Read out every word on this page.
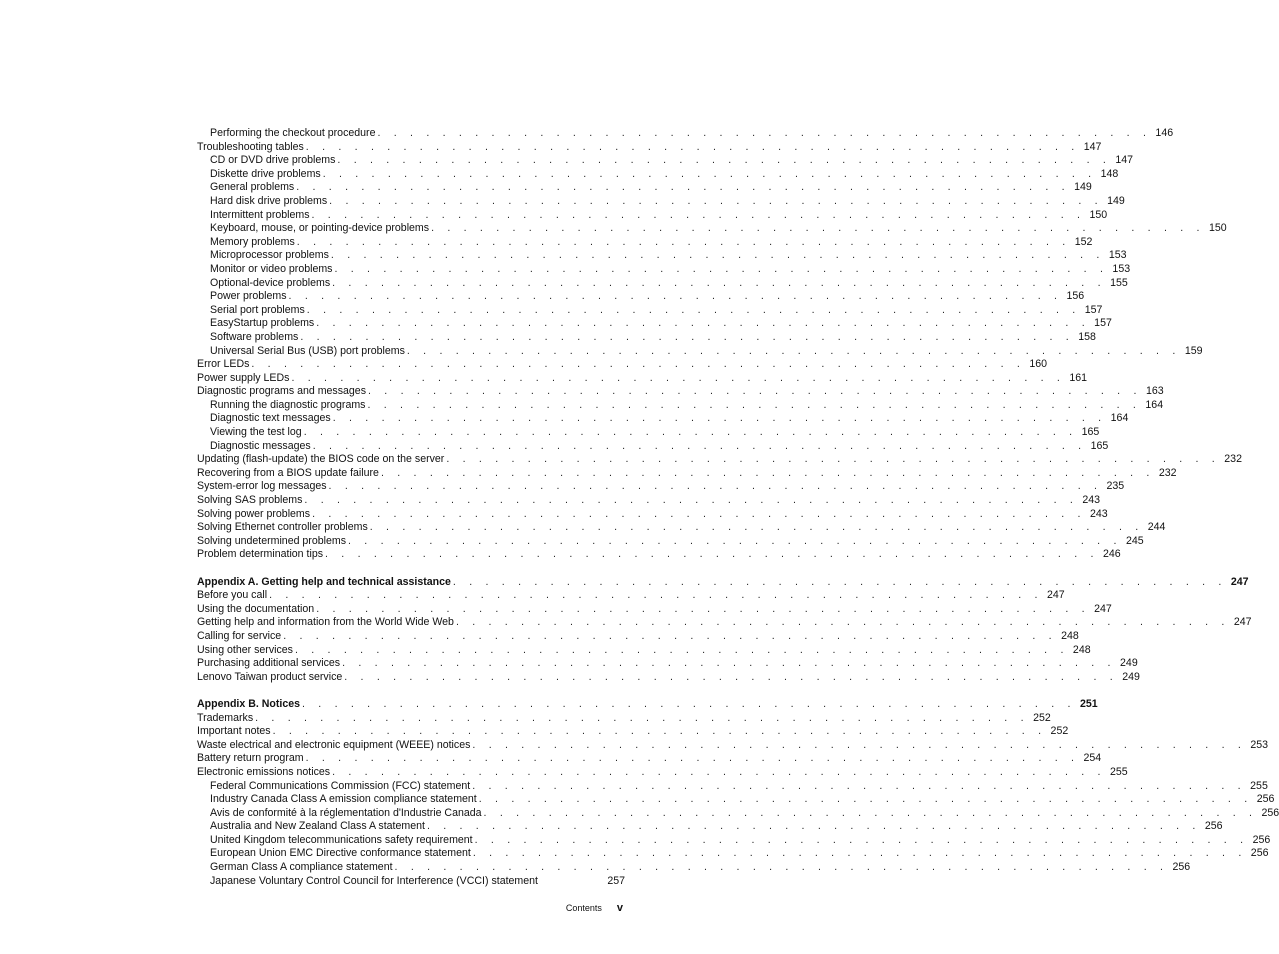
Performing the checkout procedure . . . . . . . . . . . . . . . . . . . . . . . . . . . . . . . . . . . . . . . . . . . . . . . . 146
Troubleshooting tables . . . . . . . . . . . . . . . . . . . . . . . . . . . . . . . . . . . . . . . . . . . . . . . . 147
CD or DVD drive problems . . . . . . . . . . . . . . . . . . . . . . . . . . . . . . . . . . . . . . . . . . . . . . . . 147
Diskette drive problems . . . . . . . . . . . . . . . . . . . . . . . . . . . . . . . . . . . . . . . . . . . . . . . . 148
General problems . . . . . . . . . . . . . . . . . . . . . . . . . . . . . . . . . . . . . . . . . . . . . . . . 149
Hard disk drive problems . . . . . . . . . . . . . . . . . . . . . . . . . . . . . . . . . . . . . . . . . . . . . . . . 149
Intermittent problems . . . . . . . . . . . . . . . . . . . . . . . . . . . . . . . . . . . . . . . . . . . . . . . . 150
Keyboard, mouse, or pointing-device problems . . . . . . . . . . . . . . . . . . . . . . . . . . . . . . . . . . . . . . . . . . . . . . . . 150
Memory problems . . . . . . . . . . . . . . . . . . . . . . . . . . . . . . . . . . . . . . . . . . . . . . . . 152
Microprocessor problems . . . . . . . . . . . . . . . . . . . . . . . . . . . . . . . . . . . . . . . . . . . . . . . . 153
Monitor or video problems . . . . . . . . . . . . . . . . . . . . . . . . . . . . . . . . . . . . . . . . . . . . . . . . 153
Optional-device problems . . . . . . . . . . . . . . . . . . . . . . . . . . . . . . . . . . . . . . . . . . . . . . . . 155
Power problems . . . . . . . . . . . . . . . . . . . . . . . . . . . . . . . . . . . . . . . . . . . . . . . . 156
Serial port problems . . . . . . . . . . . . . . . . . . . . . . . . . . . . . . . . . . . . . . . . . . . . . . . . 157
EasyStartup problems . . . . . . . . . . . . . . . . . . . . . . . . . . . . . . . . . . . . . . . . . . . . . . . . 157
Software problems . . . . . . . . . . . . . . . . . . . . . . . . . . . . . . . . . . . . . . . . . . . . . . . . 158
Universal Serial Bus (USB) port problems . . . . . . . . . . . . . . . . . . . . . . . . . . . . . . . . . . . . . . . . . . . . . . . . 159
Error LEDs . . . . . . . . . . . . . . . . . . . . . . . . . . . . . . . . . . . . . . . . . . . . . . . . 160
Power supply LEDs . . . . . . . . . . . . . . . . . . . . . . . . . . . . . . . . . . . . . . . . . . . . . . . . 161
Diagnostic programs and messages . . . . . . . . . . . . . . . . . . . . . . . . . . . . . . . . . . . . . . . . . . . . . . . . 163
Running the diagnostic programs . . . . . . . . . . . . . . . . . . . . . . . . . . . . . . . . . . . . . . . . . . . . . . . . 164
Diagnostic text messages . . . . . . . . . . . . . . . . . . . . . . . . . . . . . . . . . . . . . . . . . . . . . . . . 164
Viewing the test log . . . . . . . . . . . . . . . . . . . . . . . . . . . . . . . . . . . . . . . . . . . . . . . . 165
Diagnostic messages . . . . . . . . . . . . . . . . . . . . . . . . . . . . . . . . . . . . . . . . . . . . . . . . 165
Updating (flash-update) the BIOS code on the server . . . . . . . . . . . . . . . . . . . . . . . . . . . . . . . . . . . . . . . . . . . . . . . . 232
Recovering from a BIOS update failure . . . . . . . . . . . . . . . . . . . . . . . . . . . . . . . . . . . . . . . . . . . . . . . . 232
System-error log messages . . . . . . . . . . . . . . . . . . . . . . . . . . . . . . . . . . . . . . . . . . . . . . . . 235
Solving SAS problems . . . . . . . . . . . . . . . . . . . . . . . . . . . . . . . . . . . . . . . . . . . . . . . . 243
Solving power problems . . . . . . . . . . . . . . . . . . . . . . . . . . . . . . . . . . . . . . . . . . . . . . . . 243
Solving Ethernet controller problems . . . . . . . . . . . . . . . . . . . . . . . . . . . . . . . . . . . . . . . . . . . . . . . . 244
Solving undetermined problems . . . . . . . . . . . . . . . . . . . . . . . . . . . . . . . . . . . . . . . . . . . . . . . . 245
Problem determination tips . . . . . . . . . . . . . . . . . . . . . . . . . . . . . . . . . . . . . . . . . . . . . . . . 246
Appendix A. Getting help and technical assistance . . . . . . . . . . . . . . . . . . . . . . . . . . . . . . . . . . . . . . . . . . . . . . . . 247
Before you call . . . . . . . . . . . . . . . . . . . . . . . . . . . . . . . . . . . . . . . . . . . . . . . . 247
Using the documentation . . . . . . . . . . . . . . . . . . . . . . . . . . . . . . . . . . . . . . . . . . . . . . . . 247
Getting help and information from the World Wide Web . . . . . . . . . . . . . . . . . . . . . . . . . . . . . . . . . . . . . . . . . . . . . . . . 247
Calling for service . . . . . . . . . . . . . . . . . . . . . . . . . . . . . . . . . . . . . . . . . . . . . . . . 248
Using other services . . . . . . . . . . . . . . . . . . . . . . . . . . . . . . . . . . . . . . . . . . . . . . . . 248
Purchasing additional services . . . . . . . . . . . . . . . . . . . . . . . . . . . . . . . . . . . . . . . . . . . . . . . . 249
Lenovo Taiwan product service . . . . . . . . . . . . . . . . . . . . . . . . . . . . . . . . . . . . . . . . . . . . . . . . 249
Appendix B. Notices . . . . . . . . . . . . . . . . . . . . . . . . . . . . . . . . . . . . . . . . . . . . . . . . 251
Trademarks . . . . . . . . . . . . . . . . . . . . . . . . . . . . . . . . . . . . . . . . . . . . . . . . 252
Important notes . . . . . . . . . . . . . . . . . . . . . . . . . . . . . . . . . . . . . . . . . . . . . . . . 252
Waste electrical and electronic equipment (WEEE) notices . . . . . . . . . . . . . . . . . . . . . . . . . . . . . . . . . . . . . . . . . . . . . . . . 253
Battery return program . . . . . . . . . . . . . . . . . . . . . . . . . . . . . . . . . . . . . . . . . . . . . . . . 254
Electronic emissions notices . . . . . . . . . . . . . . . . . . . . . . . . . . . . . . . . . . . . . . . . . . . . . . . . 255
Federal Communications Commission (FCC) statement . . . . . . . . . . . . . . . . . . . . . . . . . . . . . . . . . . . . . . . . . . . . . . . . 255
Industry Canada Class A emission compliance statement . . . . . . . . . . . . . . . . . . . . . . . . . . . . . . . . . . . . . . . . . . . . . . . . 256
Avis de conformité à la réglementation d'Industrie Canada . . . . . . . . . . . . . . . . . . . . . . . . . . . . . . . . . . . . . . . . . . . . . . . . 256
Australia and New Zealand Class A statement . . . . . . . . . . . . . . . . . . . . . . . . . . . . . . . . . . . . . . . . . . . . . . . . 256
United Kingdom telecommunications safety requirement . . . . . . . . . . . . . . . . . . . . . . . . . . . . . . . . . . . . . . . . . . . . . . . . 256
European Union EMC Directive conformance statement . . . . . . . . . . . . . . . . . . . . . . . . . . . . . . . . . . . . . . . . . . . . . . . . 256
German Class A compliance statement . . . . . . . . . . . . . . . . . . . . . . . . . . . . . . . . . . . . . . . . . . . . . . . . 256
Japanese Voluntary Control Council for Interference (VCCI) statement	257
Contents v
